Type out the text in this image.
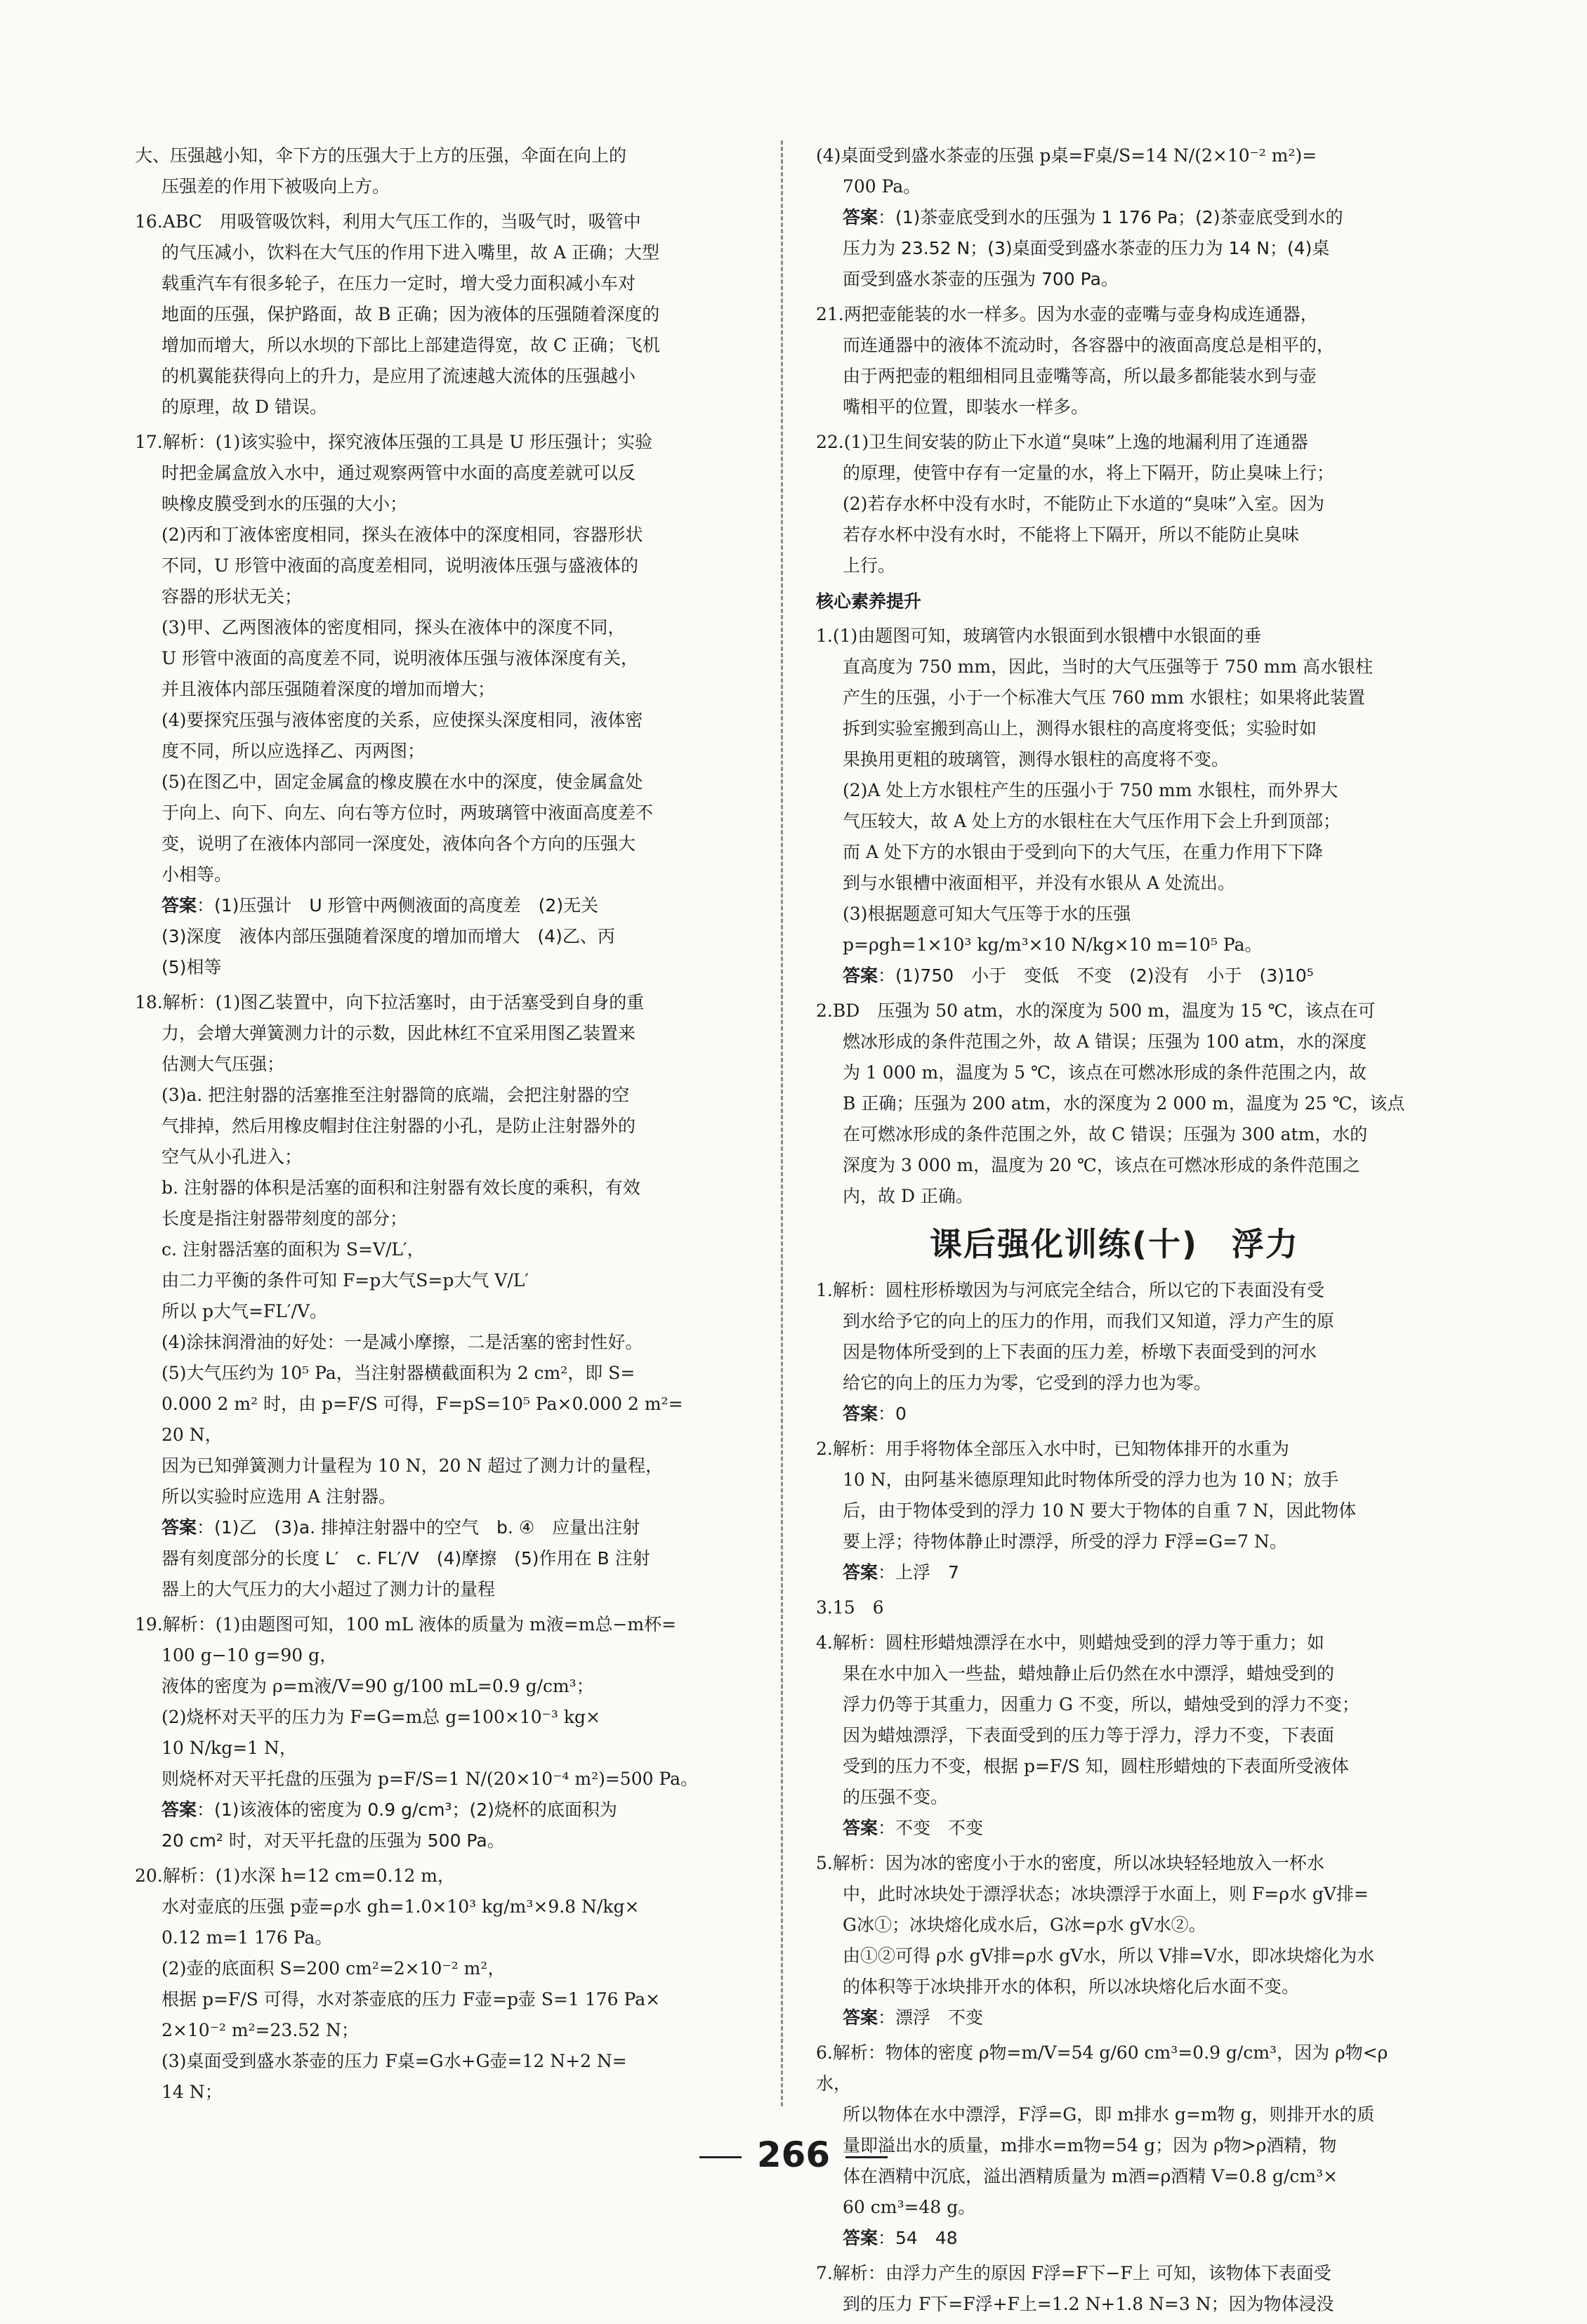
大、压强越小知，伞下方的压强大于上方的压强，伞面在向上的

压强差的作用下被吸向上方。

16.ABC　用吸管吸饮料，利用大气压工作的，当吸气时，吸管中

的气压减小，饮料在大气压的作用下进入嘴里，故 A 正确；大型

载重汽车有很多轮子，在压力一定时，增大受力面积减小车对

地面的压强，保护路面，故 B 正确；因为液体的压强随着深度的

增加而增大，所以水坝的下部比上部建造得宽，故 C 正确；飞机

的机翼能获得向上的升力，是应用了流速越大流体的压强越小

的原理，故 D 错误。

17.解析：(1)该实验中，探究液体压强的工具是 U 形压强计；实验

时把金属盒放入水中，通过观察两管中水面的高度差就可以反

映橡皮膜受到水的压强的大小；

(2)丙和丁液体密度相同，探头在液体中的深度相同，容器形状

不同，U 形管中液面的高度差相同，说明液体压强与盛液体的

容器的形状无关；

(3)甲、乙两图液体的密度相同，探头在液体中的深度不同，

U 形管中液面的高度差不同，说明液体压强与液体深度有关，

并且液体内部压强随着深度的增加而增大；

(4)要探究压强与液体密度的关系，应使探头深度相同，液体密

度不同，所以应选择乙、丙两图；

(5)在图乙中，固定金属盒的橡皮膜在水中的深度，使金属盒处

于向上、向下、向左、向右等方位时，两玻璃管中液面高度差不

变，说明了在液体内部同一深度处，液体向各个方向的压强大

小相等。

答案：(1)压强计　U 形管中两侧液面的高度差　(2)无关

(3)深度　液体内部压强随着深度的增加而增大　(4)乙、丙

(5)相等

18.解析：(1)图乙装置中，向下拉活塞时，由于活塞受到自身的重

力，会增大弹簧测力计的示数，因此林红不宜采用图乙装置来

估测大气压强；

(3)a. 把注射器的活塞推至注射器筒的底端，会把注射器的空

气排掉，然后用橡皮帽封住注射器的小孔，是防止注射器外的

空气从小孔进入；

b. 注射器的体积是活塞的面积和注射器有效长度的乘积，有效

长度是指注射器带刻度的部分；

c. 注射器活塞的面积为 S=V/L′，

由二力平衡的条件可知 F=p大气S=p大气 V/L′

所以 p大气=FL′/V。

(4)涂抹润滑油的好处：一是减小摩擦，二是活塞的密封性好。

(5)大气压约为 10⁵ Pa，当注射器横截面积为 2 cm²，即 S=

0.000 2 m² 时，由 p=F/S 可得，F=pS=10⁵ Pa×0.000 2 m²=

20 N，

因为已知弹簧测力计量程为 10 N，20 N 超过了测力计的量程，

所以实验时应选用 A 注射器。

答案：(1)乙　(3)a. 排掉注射器中的空气　b. ④　应量出注射

器有刻度部分的长度 L′　c. FL′/V　(4)摩擦　(5)作用在 B 注射

器上的大气压力的大小超过了测力计的量程

19.解析：(1)由题图可知，100 mL 液体的质量为 m液=m总−m杯=

100 g−10 g=90 g，

液体的密度为 ρ=m液/V=90 g/100 mL=0.9 g/cm³；

(2)烧杯对天平的压力为 F=G=m总 g=100×10⁻³ kg×

10 N/kg=1 N，

则烧杯对天平托盘的压强为 p=F/S=1 N/(20×10⁻⁴ m²)=500 Pa。

答案：(1)该液体的密度为 0.9 g/cm³；(2)烧杯的底面积为

20 cm² 时，对天平托盘的压强为 500 Pa。

20.解析：(1)水深 h=12 cm=0.12 m，

水对壶底的压强 p壶=ρ水 gh=1.0×10³ kg/m³×9.8 N/kg×

0.12 m=1 176 Pa。

(2)壶的底面积 S=200 cm²=2×10⁻² m²，

根据 p=F/S 可得，水对茶壶底的压力 F壶=p壶 S=1 176 Pa×

2×10⁻² m²=23.52 N；

(3)桌面受到盛水茶壶的压力 F桌=G水+G壶=12 N+2 N=

14 N；

(4)桌面受到盛水茶壶的压强 p桌=F桌/S=14 N/(2×10⁻² m²)=

700 Pa。

答案：(1)茶壶底受到水的压强为 1 176 Pa；(2)茶壶底受到水的

压力为 23.52 N；(3)桌面受到盛水茶壶的压力为 14 N；(4)桌

面受到盛水茶壶的压强为 700 Pa。

21.两把壶能装的水一样多。因为水壶的壶嘴与壶身构成连通器，

而连通器中的液体不流动时，各容器中的液面高度总是相平的，

由于两把壶的粗细相同且壶嘴等高，所以最多都能装水到与壶

嘴相平的位置，即装水一样多。

22.(1)卫生间安装的防止下水道“臭味”上逸的地漏利用了连通器

的原理，使管中存有一定量的水，将上下隔开，防止臭味上行；

(2)若存水杯中没有水时，不能防止下水道的“臭味”入室。因为

若存水杯中没有水时，不能将上下隔开，所以不能防止臭味

上行。

核心素养提升

1.(1)由题图可知，玻璃管内水银面到水银槽中水银面的垂

直高度为 750 mm，因此，当时的大气压强等于 750 mm 高水银柱

产生的压强，小于一个标准大气压 760 mm 水银柱；如果将此装置

拆到实验室搬到高山上，测得水银柱的高度将变低；实验时如

果换用更粗的玻璃管，测得水银柱的高度将不变。

(2)A 处上方水银柱产生的压强小于 750 mm 水银柱，而外界大

气压较大，故 A 处上方的水银柱在大气压作用下会上升到顶部；

而 A 处下方的水银由于受到向下的大气压，在重力作用下下降

到与水银槽中液面相平，并没有水银从 A 处流出。

(3)根据题意可知大气压等于水的压强

p=ρgh=1×10³ kg/m³×10 N/kg×10 m=10⁵ Pa。

答案：(1)750　小于　变低　不变　(2)没有　小于　(3)10⁵

2.BD　压强为 50 atm，水的深度为 500 m，温度为 15 ℃，该点在可

燃冰形成的条件范围之外，故 A 错误；压强为 100 atm，水的深度

为 1 000 m，温度为 5 ℃，该点在可燃冰形成的条件范围之内，故

B 正确；压强为 200 atm，水的深度为 2 000 m，温度为 25 ℃，该点

在可燃冰形成的条件范围之外，故 C 错误；压强为 300 atm，水的

深度为 3 000 m，温度为 20 ℃，该点在可燃冰形成的条件范围之

内，故 D 正确。

课后强化训练(十)　浮力

1.解析：圆柱形桥墩因为与河底完全结合，所以它的下表面没有受

到水给予它的向上的压力的作用，而我们又知道，浮力产生的原

因是物体所受到的上下表面的压力差，桥墩下表面受到的河水

给它的向上的压力为零，它受到的浮力也为零。

答案：0

2.解析：用手将物体全部压入水中时，已知物体排开的水重为

10 N，由阿基米德原理知此时物体所受的浮力也为 10 N；放手

后，由于物体受到的浮力 10 N 要大于物体的自重 7 N，因此物体

要上浮；待物体静止时漂浮，所受的浮力 F浮=G=7 N。

答案：上浮　7

3.15　6

4.解析：圆柱形蜡烛漂浮在水中，则蜡烛受到的浮力等于重力；如

果在水中加入一些盐，蜡烛静止后仍然在水中漂浮，蜡烛受到的

浮力仍等于其重力，因重力 G 不变，所以，蜡烛受到的浮力不变；

因为蜡烛漂浮，下表面受到的压力等于浮力，浮力不变，下表面

受到的压力不变，根据 p=F/S 知，圆柱形蜡烛的下表面所受液体

的压强不变。

答案：不变　不变

5.解析：因为冰的密度小于水的密度，所以冰块轻轻地放入一杯水

中，此时冰块处于漂浮状态；冰块漂浮于水面上，则 F=ρ水 gV排=

G冰①；冰块熔化成水后，G冰=ρ水 gV水②。

由①②可得 ρ水 gV排=ρ水 gV水，所以 V排=V水，即冰块熔化为水

的体积等于冰块排开水的体积，所以冰块熔化后水面不变。

答案：漂浮　不变

6.解析：物体的密度 ρ物=m/V=54 g/60 cm³=0.9 g/cm³，因为 ρ物<ρ水，

所以物体在水中漂浮，F浮=G，即 m排水 g=m物 g，则排开水的质

量即溢出水的质量，m排水=m物=54 g；因为 ρ物>ρ酒精，物

体在酒精中沉底，溢出酒精质量为 m酒=ρ酒精 V=0.8 g/cm³×

60 cm³=48 g。

答案：54　48

7.解析：由浮力产生的原因 F浮=F下−F上 可知，该物体下表面受

到的压力 F下=F浮+F上=1.2 N+1.8 N=3 N；因为物体浸没

266
